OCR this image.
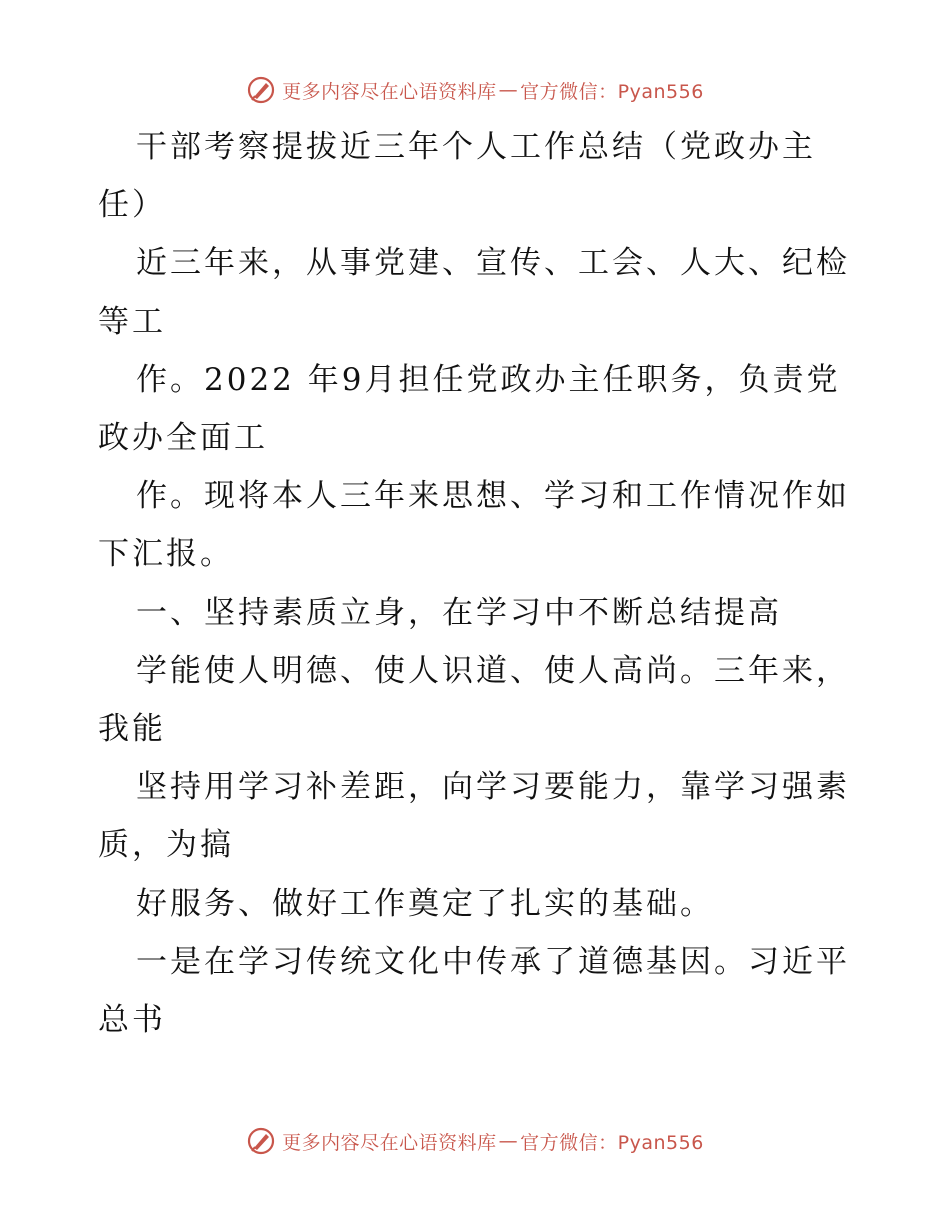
更多内容尽在心语资料库 — 官方微信：Pyan556
干部考察提拔近三年个人工作总结（党政办主
任）
近三年来，从事党建、宣传、工会、人大、纪检
等工
作。2022 年9月担任党政办主任职务，负责党
政办全面工
作。现将本人三年来思想、学习和工作情况作如
下汇报。
一、坚持素质立身，在学习中不断总结提高
学能使人明德、使人识道、使人高尚。三年来，
我能
坚持用学习补差距，向学习要能力，靠学习强素
质，为搞
好服务、做好工作奠定了扎实的基础。
一是在学习传统文化中传承了道德基因。习近平
总书
更多内容尽在心语资料库 — 官方微信：Pyan556
